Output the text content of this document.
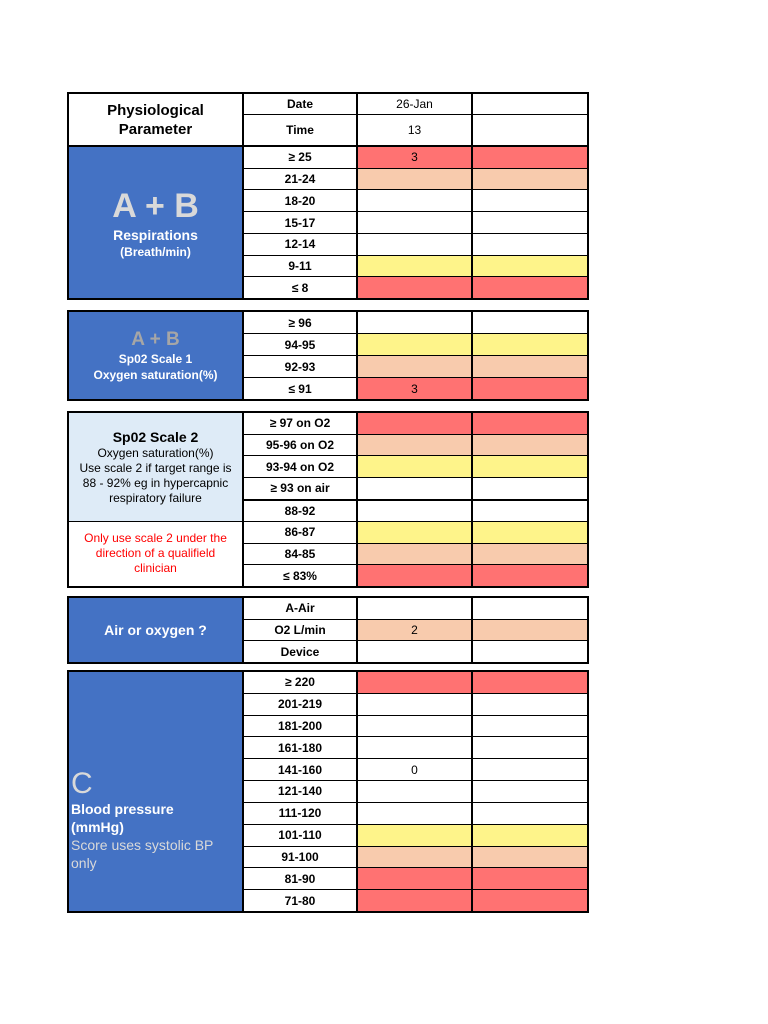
Physiological
Parameter
Date	26-Jan
Time	13
A + B
Respirations
(Breath/min)
≥ 25	3
21-24
18-20
15-17
12-14
9-11
≤ 8
A + B
Sp02 Scale 1
Oxygen saturation(%)
≥ 96
94-95
92-93
≤ 91	3
Sp02 Scale 2
Oxygen saturation(%)
Use scale 2 if target range is
88 - 92% eg in hypercapnic
respiratory failure
Only use scale 2 under the
direction of a qualifield
clinician
≥ 97 on O2
95-96 on O2
93-94 on O2
≥ 93 on air
88-92
86-87
84-85
≤ 83%
Air or oxygen ?
A-Air
O2 L/min	2
Device
C
Blood pressure
(mmHg)
Score uses systolic BP
only
≥ 220
201-219
181-200
161-180
141-160	0
121-140
111-120
101-110
91-100
81-90
71-80
